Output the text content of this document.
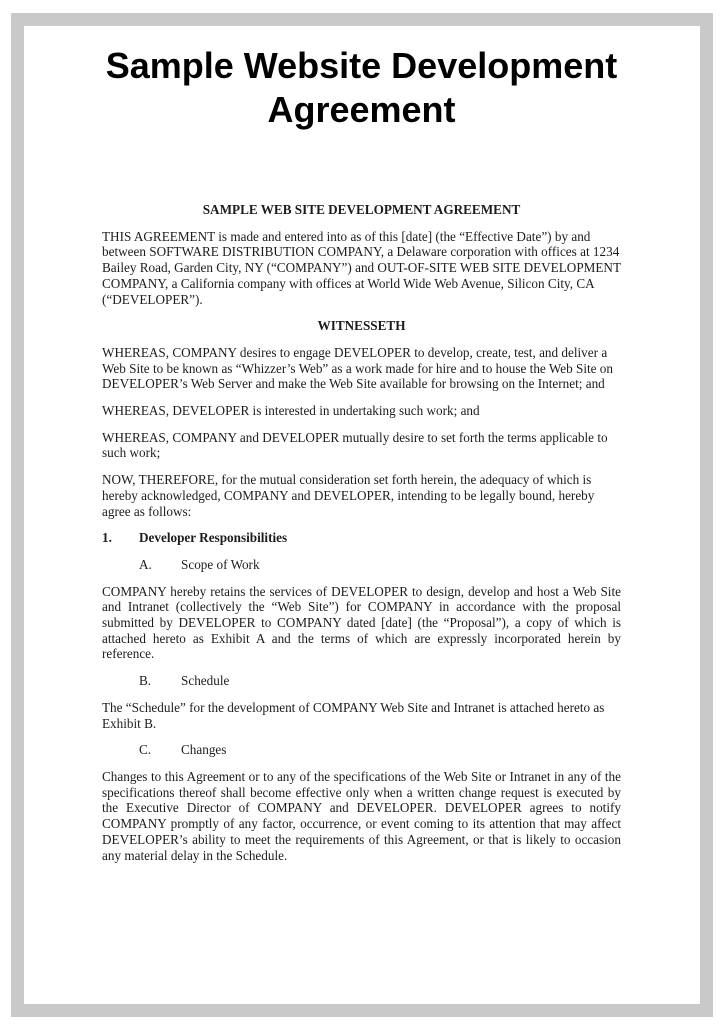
Sample Website Development Agreement

SAMPLE WEB SITE DEVELOPMENT AGREEMENT

THIS AGREEMENT is made and entered into as of this [date] (the “Effective Date”) by and between SOFTWARE DISTRIBUTION COMPANY, a Delaware corporation with offices at 1234 Bailey Road, Garden City, NY (“COMPANY”) and OUT-OF-SITE WEB SITE DEVELOPMENT COMPANY, a California company with offices at World Wide Web Avenue, Silicon City, CA (“DEVELOPER”).

WITNESSETH

WHEREAS, COMPANY desires to engage DEVELOPER to develop, create, test, and deliver a Web Site to be known as “Whizzer’s Web” as a work made for hire and to house the Web Site on DEVELOPER’s Web Server and make the Web Site available for browsing on the Internet; and

WHEREAS, DEVELOPER is interested in undertaking such work; and

WHEREAS, COMPANY and DEVELOPER mutually desire to set forth the terms applicable to such work;

NOW, THEREFORE, for the mutual consideration set forth herein, the adequacy of which is hereby acknowledged, COMPANY and DEVELOPER, intending to be legally bound, hereby agree as follows:

1.	Developer Responsibilities
A.	Scope of Work

COMPANY hereby retains the services of DEVELOPER to design, develop and host a Web Site and Intranet (collectively the “Web Site”) for COMPANY in accordance with the proposal submitted by DEVELOPER to COMPANY dated [date] (the “Proposal”), a copy of which is attached hereto as Exhibit A and the terms of which are expressly incorporated herein by reference.

B.	Schedule

The “Schedule” for the development of COMPANY Web Site and Intranet is attached hereto as Exhibit B.

C.	Changes

Changes to this Agreement or to any of the specifications of the Web Site or Intranet in any of the specifications thereof shall become effective only when a written change request is executed by the Executive Director of COMPANY and DEVELOPER. DEVELOPER agrees to notify COMPANY promptly of any factor, occurrence, or event coming to its attention that may affect DEVELOPER’s ability to meet the requirements of this Agreement, or that is likely to occasion any material delay in the Schedule.
